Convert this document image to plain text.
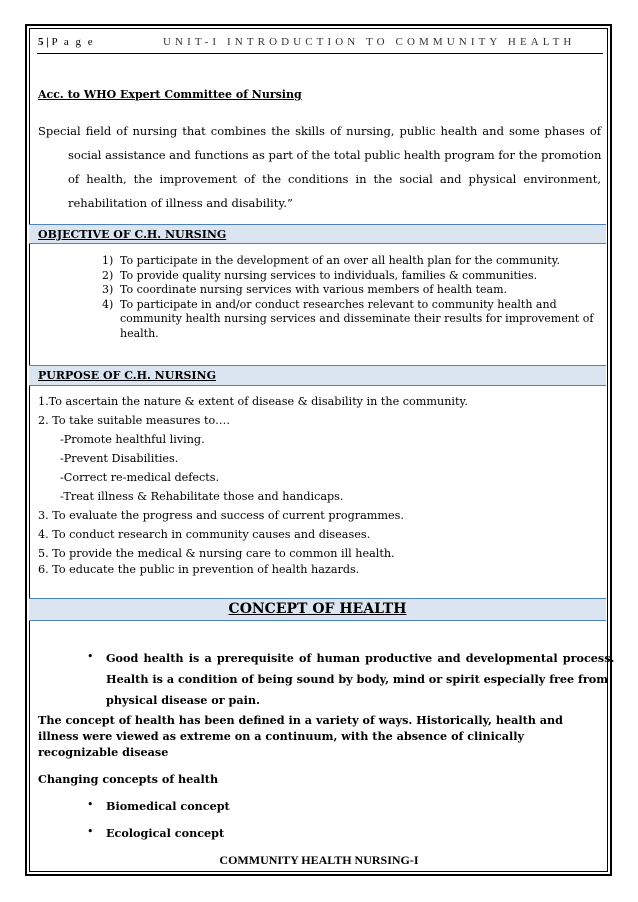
5 | P a g e	UNIT-I INTRODUCTION TO COMMUNITY HEALTH
Acc. to WHO Expert Committee of Nursing
Special field of nursing that combines the skills of nursing, public health and some phases of
social assistance and functions as part of the total public health program for the promotion
of health, the improvement of the conditions in the social and physical environment,
rehabilitation of illness and disability.”
OBJECTIVE OF C.H. NURSING
1) To participate in the development of an over all health plan for the community.
2) To provide quality nursing services to individuals, families & communities.
3) To coordinate nursing services with various members of health team.
4) To participate in and/or conduct researches relevant to community health and community health nursing services and disseminate their results for improvement of health.
PURPOSE OF C.H. NURSING
1.To ascertain the nature & extent of disease & disability in the community.
2. To take suitable measures to….
-Promote healthful living.
-Prevent Disabilities.
-Correct re-medical defects.
-Treat illness & Rehabilitate those and handicaps.
3. To evaluate the progress and success of current programmes.
4. To conduct research in community causes and diseases.
5. To provide the medical & nursing care to common ill health.
6. To educate the public in prevention of health hazards.
CONCEPT OF HEALTH
• Good health is a prerequisite of human productive and developmental process.
Health is a condition of being sound by body, mind or spirit especially free from
physical disease or pain.
The concept of health has been defined in a variety of ways. Historically, health and illness were viewed as extreme on a continuum, with the absence of clinically recognizable disease
Changing concepts of health
• Biomedical concept
• Ecological concept
COMMUNITY HEALTH NURSING-I
